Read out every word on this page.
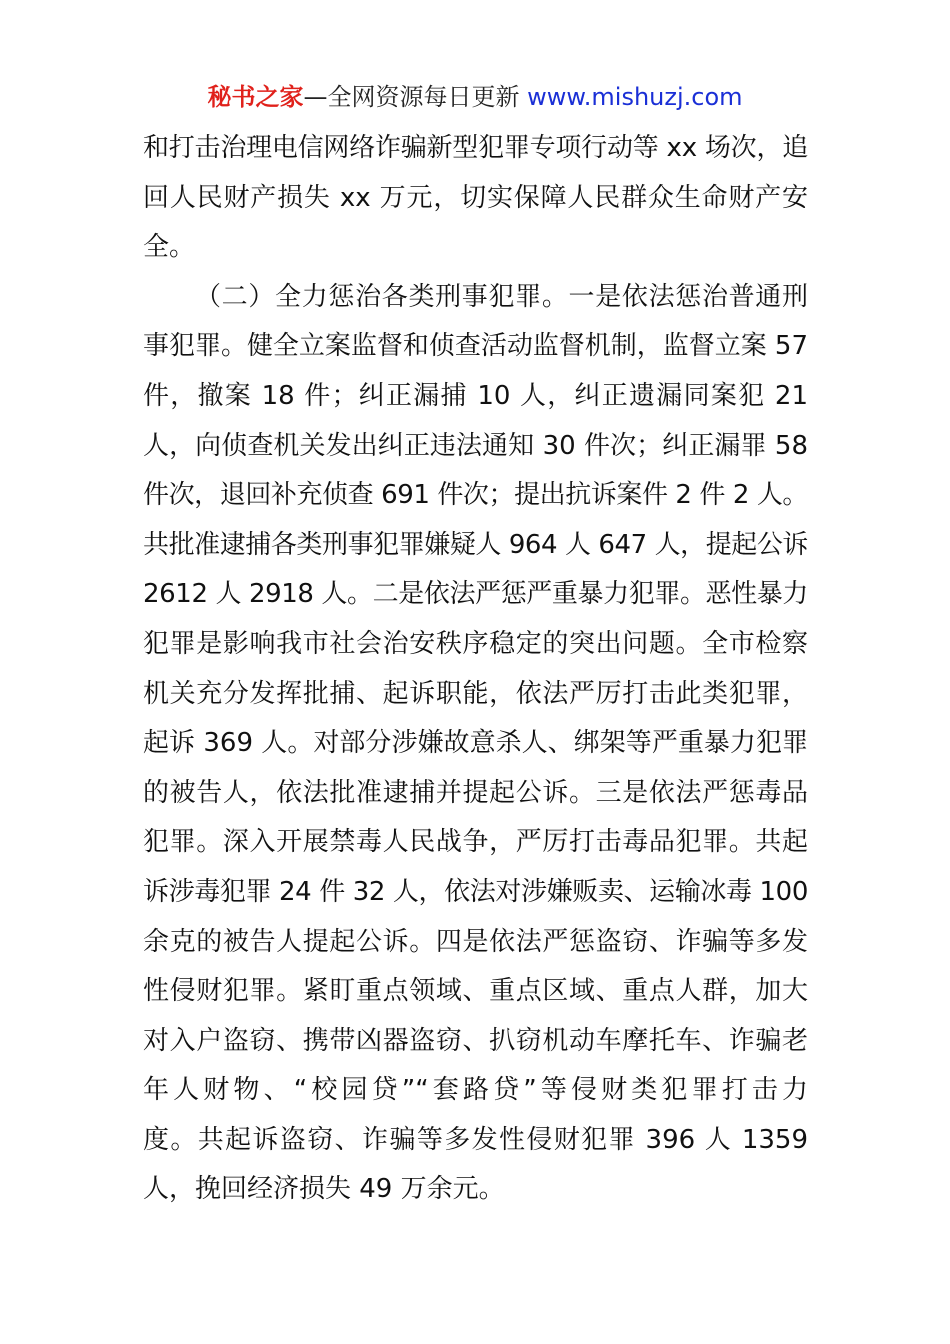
秘书之家—全网资源每日更新 www.mishuzj.com
和打击治理电信网络诈骗新型犯罪专项行动等 xx 场次，追
回人民财产损失 xx 万元，切实保障人民群众生命财产安
全。
（二）全力惩治各类刑事犯罪。一是依法惩治普通刑
事犯罪。健全立案监督和侦查活动监督机制，监督立案 57
件，撤案 18 件；纠正漏捕 10 人，纠正遗漏同案犯 21
人，向侦查机关发出纠正违法通知 30 件次；纠正漏罪 58
件次，退回补充侦查 691 件次；提出抗诉案件 2 件 2 人。
共批准逮捕各类刑事犯罪嫌疑人 964 人 647 人，提起公诉
2612 人 2918 人。二是依法严惩严重暴力犯罪。恶性暴力
犯罪是影响我市社会治安秩序稳定的突出问题。全市检察
机关充分发挥批捕、起诉职能，依法严厉打击此类犯罪，
起诉 369 人。对部分涉嫌故意杀人、绑架等严重暴力犯罪
的被告人，依法批准逮捕并提起公诉。三是依法严惩毒品
犯罪。深入开展禁毒人民战争，严厉打击毒品犯罪。共起
诉涉毒犯罪 24 件 32 人，依法对涉嫌贩卖、运输冰毒 100
余克的被告人提起公诉。四是依法严惩盗窃、诈骗等多发
性侵财犯罪。紧盯重点领域、重点区域、重点人群，加大
对入户盗窃、携带凶器盗窃、扒窃机动车摩托车、诈骗老
年人财物、“校园贷”“套路贷”等侵财类犯罪打击力
度。共起诉盗窃、诈骗等多发性侵财犯罪 396 人 1359
人，挽回经济损失 49 万余元。
